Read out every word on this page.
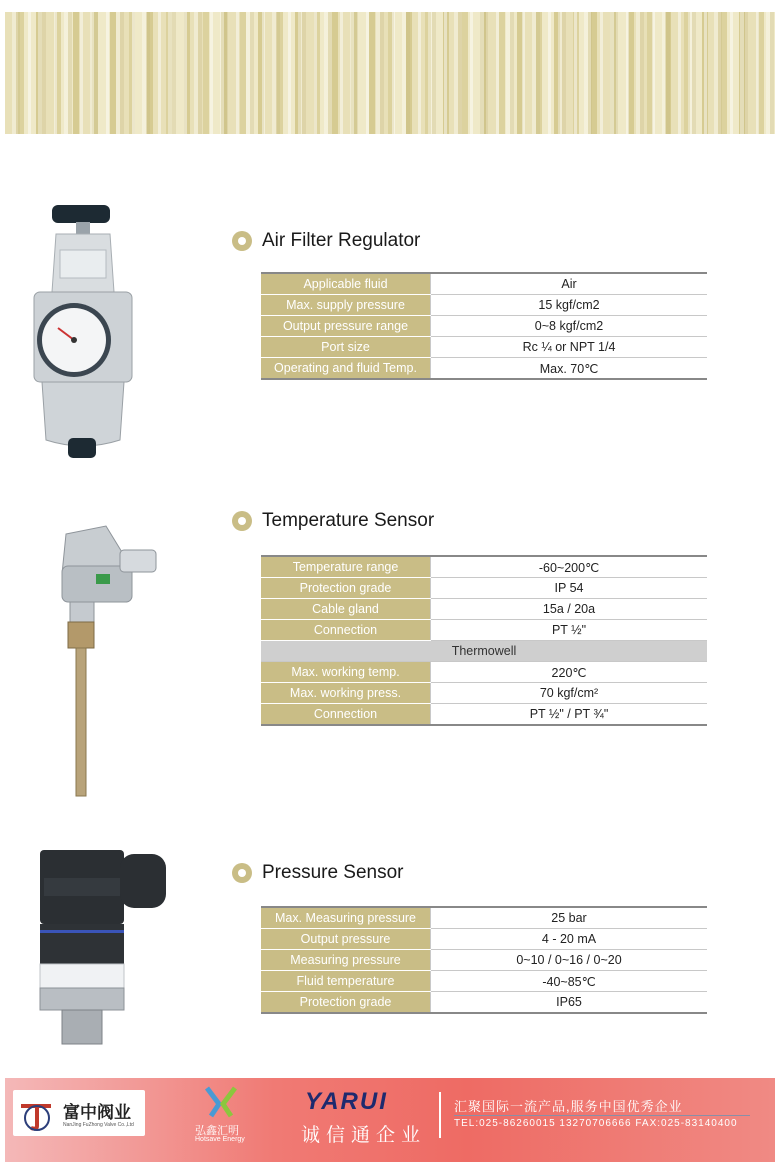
Air Filter Regulator
Applicable fluid	Air
Max. supply pressure	15 kgf/cm2
Output pressure range	0~8 kgf/cm2
Port size	Rc ¼ or NPT 1/4
Operating and fluid Temp.	Max. 70℃
Temperature Sensor
Temperature range	-60~200℃
Protection grade	IP 54
Cable gland	15a / 20a
Connection	PT ½"
Thermowell	
Max. working temp.	220℃
Max. working press.	70 kgf/cm²
Connection	PT ½" / PT ¾"
Pressure Sensor
Max. Measuring pressure	25 bar
Output pressure	4 - 20 mA
Measuring pressure	0~10 / 0~16 / 0~20
Fluid temperature	-40~85℃
Protection grade	IP65
富中阀业
NanJing FuZhong Valve Co.,Ltd	弘鑫汇明
Hotsave Energy
YARUI
诚信通企业
汇聚国际一流产品,服务中国优秀企业
TEL:025-86260015 13270706666 FAX:025-83140400
